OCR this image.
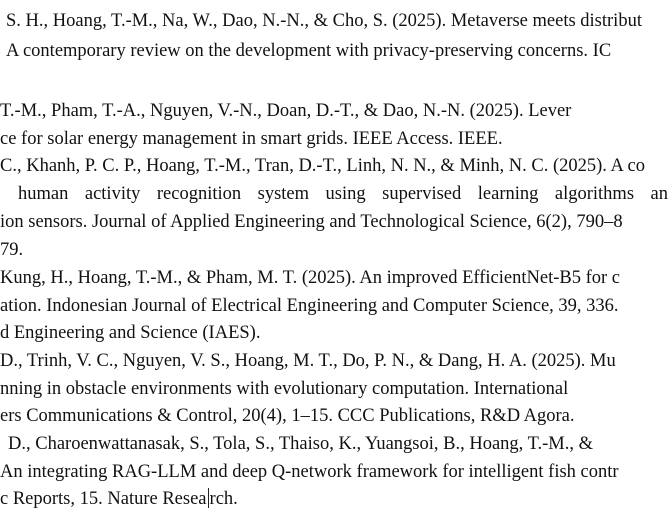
S. H., Hoang, T.-M., Na, W., Dao, N.-N., & Cho, S. (2025). Metaverse meets distribut
A contemporary review on the development with privacy-preserving concerns. IC
T.-M., Pham, T.-A., Nguyen, V.-N., Doan, D.-T., & Dao, N.-N. (2025). Lever
ce for solar energy management in smart grids. IEEE Access. IEEE.
C., Khanh, P. C. P., Hoang, T.-M., Tran, D.-T., Linh, N. N., & Minh, N. C. (2025). A co
human activity recognition system using supervised learning algorithms an
ion sensors. Journal of Applied Engineering and Technological Science, 6(2), 790–8
79.
Kung, H., Hoang, T.-M., & Pham, M. T. (2025). An improved EfficientNet-B5 for c
ation. Indonesian Journal of Electrical Engineering and Computer Science, 39, 336.
d Engineering and Science (IAES).
D., Trinh, V. C., Nguyen, V. S., Hoang, M. T., Do, P. N., & Dang, H. A. (2025). Mu
nning in obstacle environments with evolutionary computation. International
ers Communications & Control, 20(4), 1–15. CCC Publications, R&D Agora.
D., Charoenwattanasak, S., Tola, S., Thaiso, K., Yuangsoi, B., Hoang, T.-M., &
An integrating RAG-LLM and deep Q-network framework for intelligent fish contr
c Reports, 15. Nature Resea rch.
